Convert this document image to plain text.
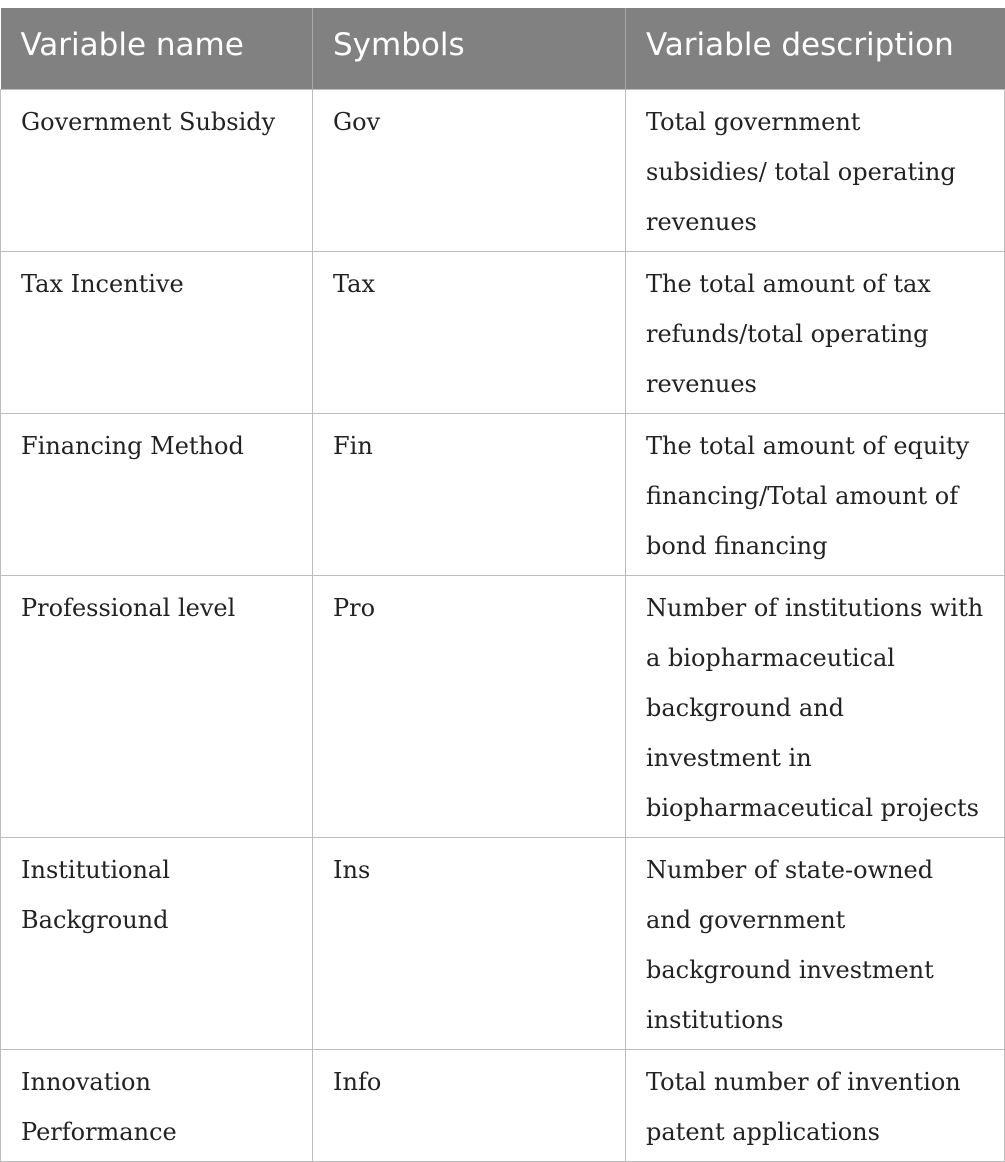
Variable name	Symbols	Variable description
Government Subsidy	Gov	Total government subsidies/ total operating revenues
Tax Incentive	Tax	The total amount of tax refunds/total operating revenues
Financing Method	Fin	The total amount of equity financing/Total amount of bond financing
Professional level	Pro	Number of institutions with a biopharmaceutical background and investment in biopharmaceutical projects
Institutional Background	Ins	Number of state-owned and government background investment institutions
Innovation Performance	Info	Total number of invention patent applications
